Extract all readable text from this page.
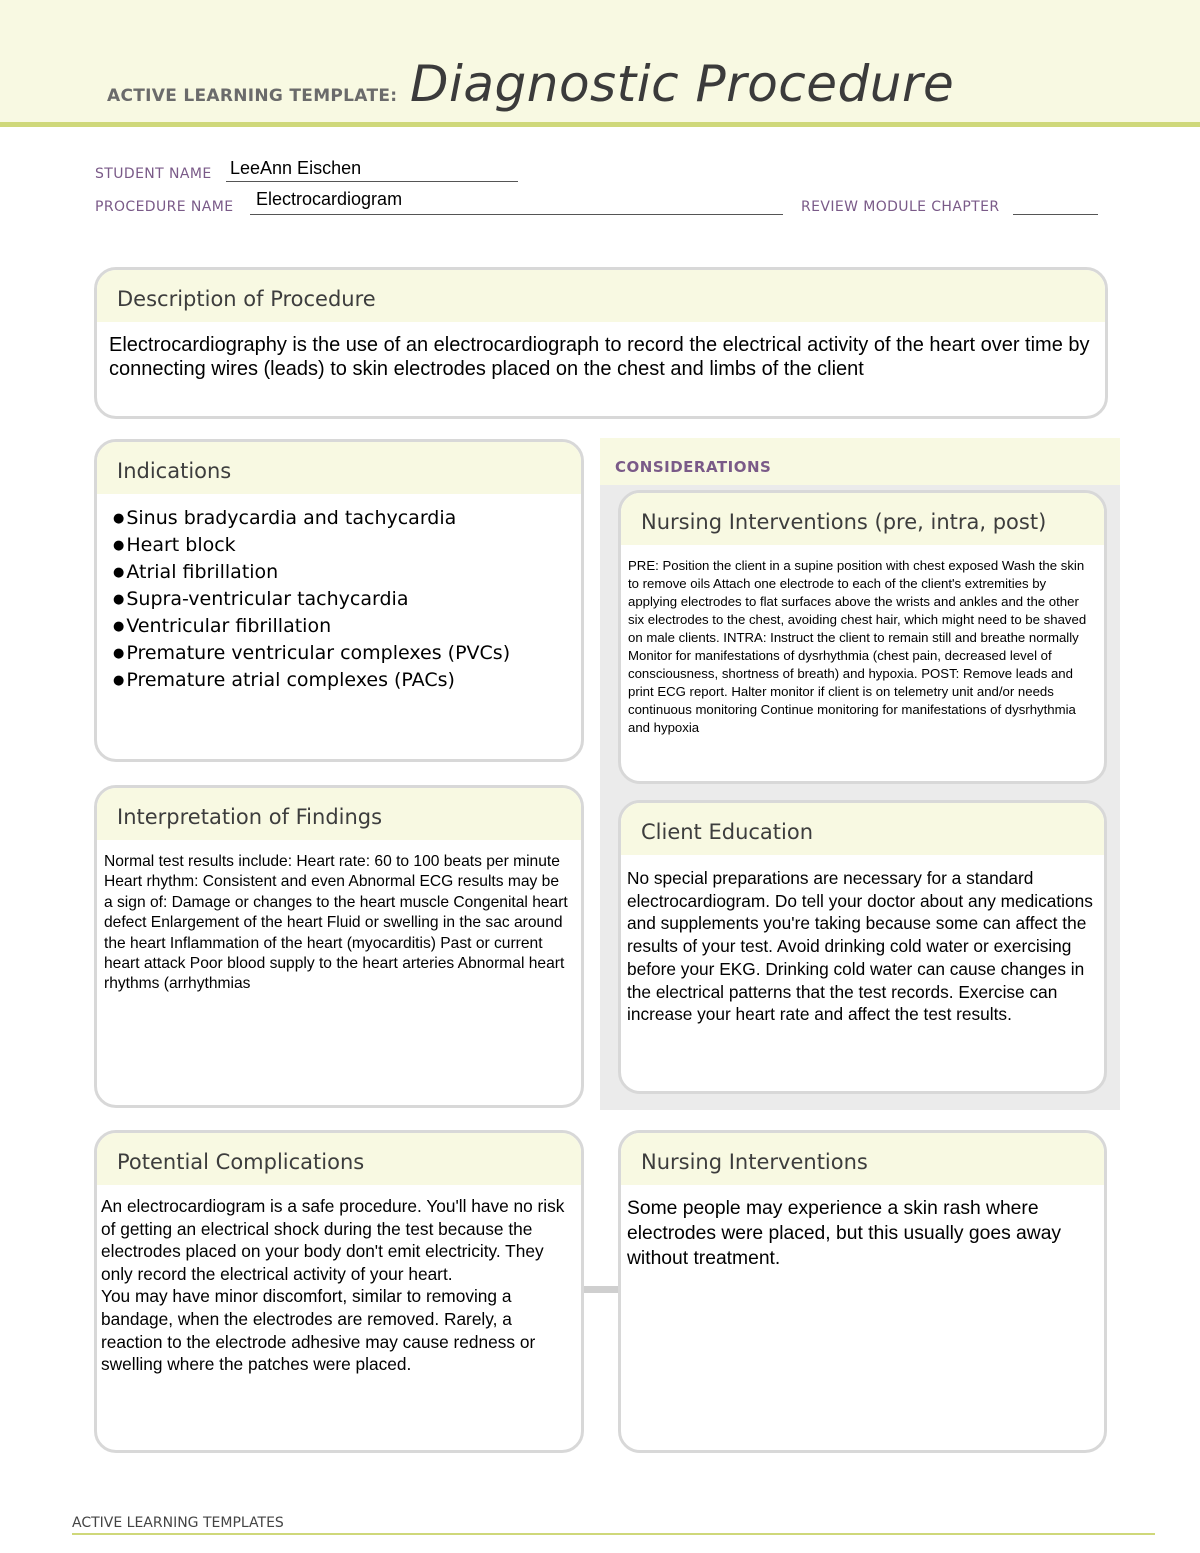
ACTIVE LEARNING TEMPLATE: Diagnostic Procedure
STUDENT NAME LeeAnn Eischen
PROCEDURE NAME Electrocardiogram	REVIEW MODULE CHAPTER
Description of Procedure
Electrocardiography is the use of an electrocardiograph to record the electrical activity of the heart over time by connecting wires (leads) to skin electrodes placed on the chest and limbs of the client
CONSIDERATIONS
Indications
● Sinus bradycardia and tachycardia
● Heart block
● Atrial fibrillation
● Supra-ventricular tachycardia
● Ventricular fibrillation
● Premature ventricular complexes (PVCs)
● Premature atrial complexes (PACs)
Nursing Interventions (pre, intra, post)
PRE: Position the client in a supine position with chest exposed Wash the skin to remove oils Attach one electrode to each of the client's extremities by applying electrodes to flat surfaces above the wrists and ankles and the other six electrodes to the chest, avoiding chest hair, which might need to be shaved on male clients. INTRA: Instruct the client to remain still and breathe normally Monitor for manifestations of dysrhythmia (chest pain, decreased level of consciousness, shortness of breath) and hypoxia. POST: Remove leads and print ECG report. Halter monitor if client is on telemetry unit and/or needs continuous monitoring Continue monitoring for manifestations of dysrhythmia and hypoxia
Interpretation of Findings
Normal test results include: Heart rate: 60 to 100 beats per minute Heart rhythm: Consistent and even Abnormal ECG results may be a sign of: Damage or changes to the heart muscle Congenital heart defect Enlargement of the heart Fluid or swelling in the sac around the heart Inflammation of the heart (myocarditis) Past or current heart attack Poor blood supply to the heart arteries Abnormal heart rhythms (arrhythmias
Client Education
No special preparations are necessary for a standard electrocardiogram. Do tell your doctor about any medications and supplements you're taking because some can affect the results of your test. Avoid drinking cold water or exercising before your EKG. Drinking cold water can cause changes in the electrical patterns that the test records. Exercise can increase your heart rate and affect the test results.
Potential Complications

An electrocardiogram is a safe procedure. You'll have no risk of getting an electrical shock during the test because the electrodes placed on your body don't emit electricity. They only record the electrical activity of your heart.

You may have minor discomfort, similar to removing a bandage, when the electrodes are removed. Rarely, a reaction to the electrode adhesive may cause redness or swelling where the patches were placed.

Nursing Interventions
Some people may experience a skin rash where electrodes were placed, but this usually goes away without treatment.
ACTIVE LEARNING TEMPLATES
